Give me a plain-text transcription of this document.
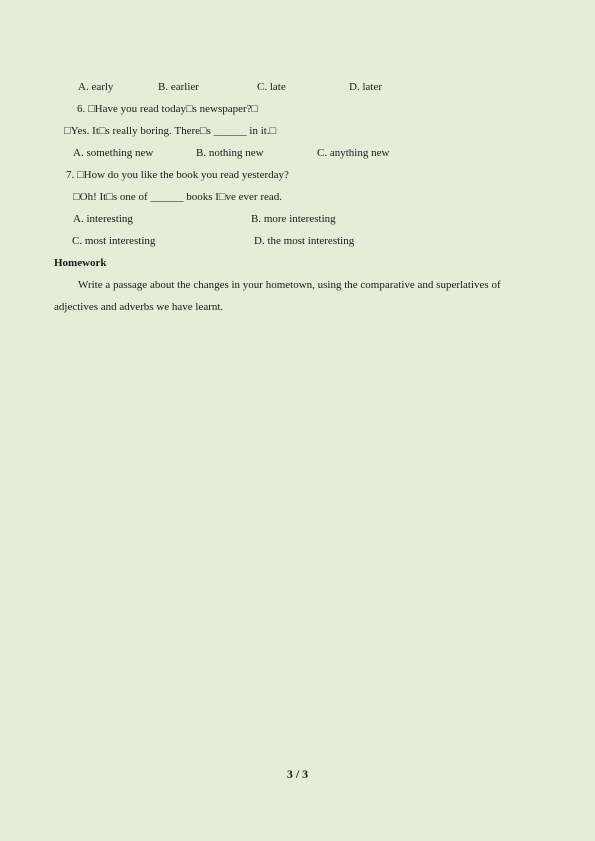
A. early	B. earlier	C. late	D. later
6. □Have you read today□s newspaper?□
□Yes. It□s really boring. There□s ______ in it.□
A. something new	B. nothing new	C. anything new
7. □How do you like the book you read yesterday?
□Oh! It□s one of ______ books I□ve ever read.
A. interesting	B. more interesting
C. most interesting	D. the most interesting
Homework
Write a passage about the changes in your hometown, using the comparative and superlatives of
adjectives and adverbs we have learnt.
3 / 3
